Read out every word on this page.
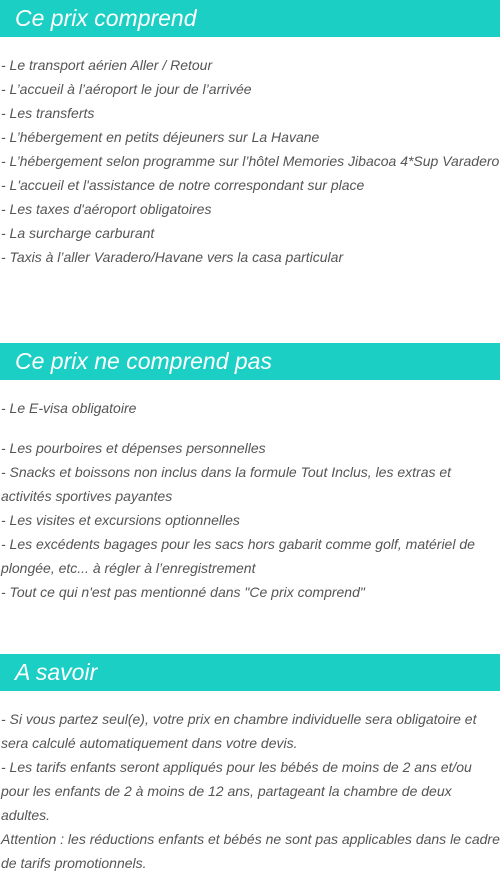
Ce prix comprend
- Le transport aérien Aller / Retour
- L’accueil à l’aéroport le jour de l’arrivée
- Les transferts
- L’hébergement en petits déjeuners sur La Havane
- L’hébergement selon programme sur l’hôtel Memories Jibacoa 4*Sup Varadero
- L'accueil et l'assistance de notre correspondant sur place
- Les taxes d'aéroport obligatoires
- La surcharge carburant
- Taxis à l’aller Varadero/Havane vers la casa particular
Ce prix ne comprend pas
- Le E-visa obligatoire
- Les pourboires et dépenses personnelles
- Snacks et boissons non inclus dans la formule Tout Inclus, les extras et activités sportives payantes
- Les visites et excursions optionnelles
- Les excédents bagages pour les sacs hors gabarit comme golf, matériel de plongée, etc... à régler à l’enregistrement
- Tout ce qui n'est pas mentionné dans "Ce prix comprend"
A savoir
- Si vous partez seul(e), votre prix en chambre individuelle sera obligatoire et sera calculé automatiquement dans votre devis.
- Les tarifs enfants seront appliqués pour les bébés de moins de 2 ans et/ou pour les enfants de 2 à moins de 12 ans, partageant la chambre de deux adultes.
Attention : les réductions enfants et bébés ne sont pas applicables dans le cadre de tarifs promotionnels.
